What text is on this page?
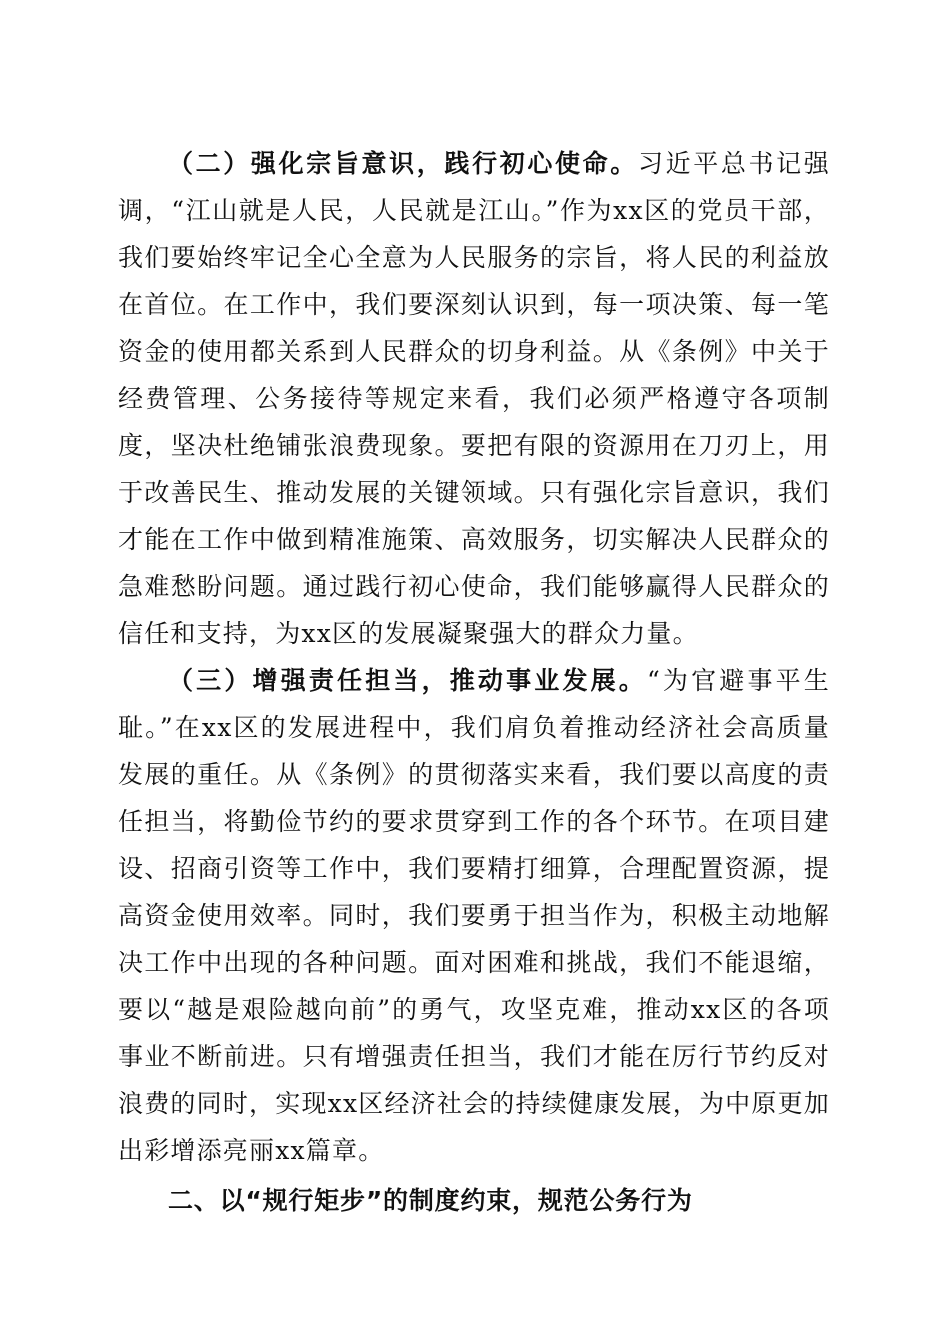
（二）强化宗旨意识，践行初心使命。习近平总书记强调，“江山就是人民，人民就是江山。”作为xx区的党员干部，我们要始终牢记全心全意为人民服务的宗旨，将人民的利益放在首位。在工作中，我们要深刻认识到，每一项决策、每一笔资金的使用都关系到人民群众的切身利益。从《条例》中关于经费管理、公务接待等规定来看，我们必须严格遵守各项制度，坚决杜绝铺张浪费现象。要把有限的资源用在刀刃上，用于改善民生、推动发展的关键领域。只有强化宗旨意识，我们才能在工作中做到精准施策、高效服务，切实解决人民群众的急难愁盼问题。通过践行初心使命，我们能够赢得人民群众的信任和支持，为xx区的发展凝聚强大的群众力量。

（三）增强责任担当，推动事业发展。“为官避事平生耻。”在xx区的发展进程中，我们肩负着推动经济社会高质量发展的重任。从《条例》的贯彻落实来看，我们要以高度的责任担当，将勤俭节约的要求贯穿到工作的各个环节。在项目建设、招商引资等工作中，我们要精打细算，合理配置资源，提高资金使用效率。同时，我们要勇于担当作为，积极主动地解决工作中出现的各种问题。面对困难和挑战，我们不能退缩，要以“越是艰险越向前”的勇气，攻坚克难，推动xx区的各项事业不断前进。只有增强责任担当，我们才能在厉行节约反对浪费的同时，实现xx区经济社会的持续健康发展，为中原更加出彩增添亮丽xx篇章。

二、以“规行矩步”的制度约束，规范公务行为
